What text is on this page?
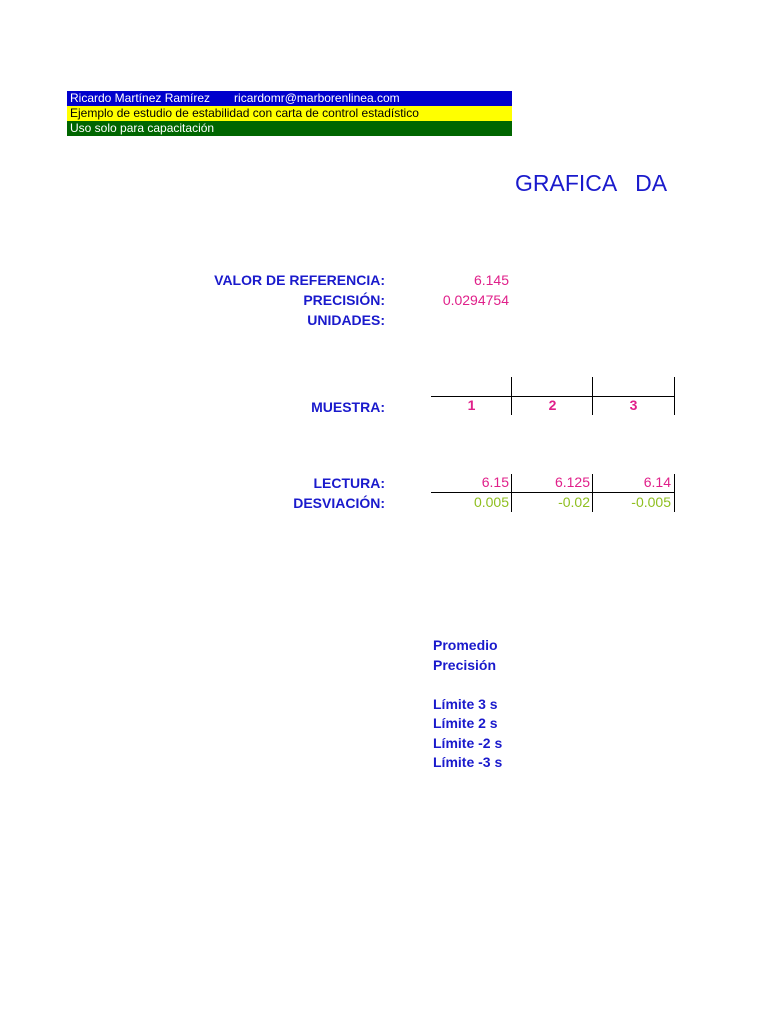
Ricardo Martínez Ramírez ricardomr@marborenlinea.com
Ejemplo de estudio de estabilidad con carta de control estadístico
Uso solo para capacitación
GRAFICA   DA
VALOR DE REFERENCIA:	6.145
PRECISIÓN:	0.0294754
UNIDADES:
MUESTRA:	1	2	3
LECTURA:	6.15	6.125	6.14
DESVIACIÓN:	0.005	-0.02	-0.005
Promedio
Precisión
Límite 3 s
Límite 2 s
Límite -2 s
Límite -3 s
